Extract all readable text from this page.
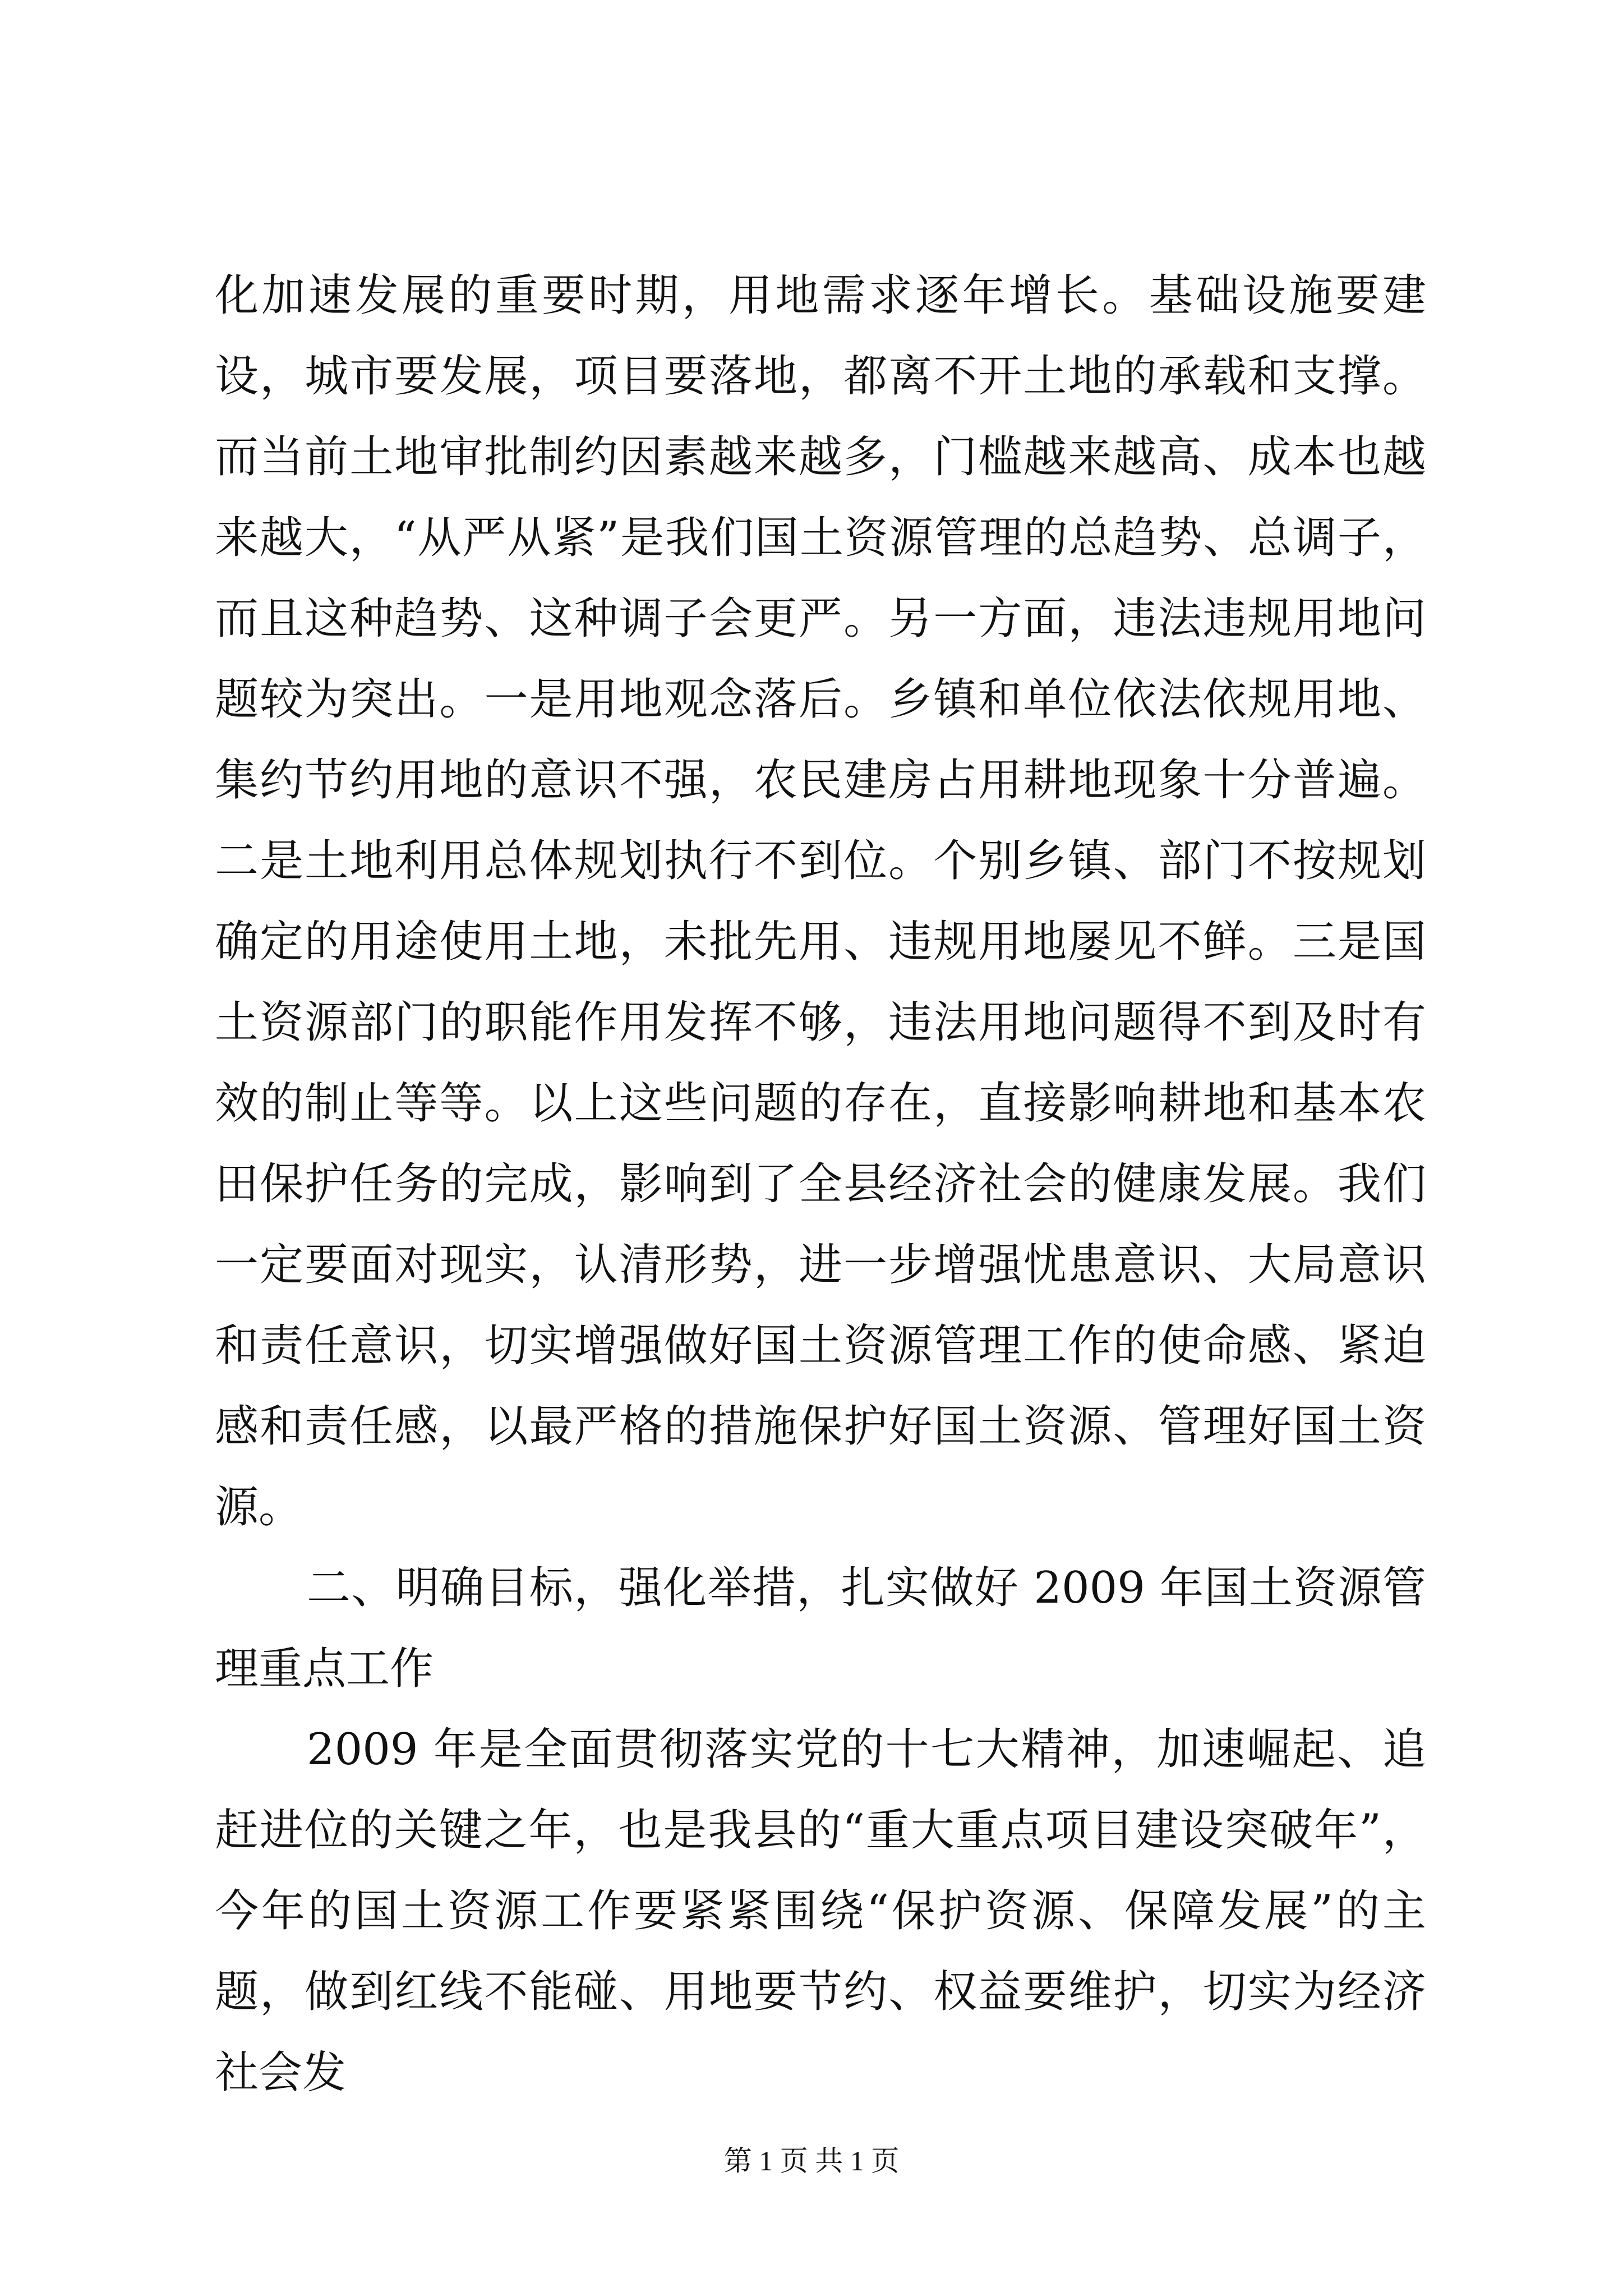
化加速发展的重要时期，用地需求逐年增长。基础设施要建设，城市要发展，项目要落地，都离不开土地的承载和支撑。而当前土地审批制约因素越来越多，门槛越来越高、成本也越来越大，“从严从紧”是我们国土资源管理的总趋势、总调子，而且这种趋势、这种调子会更严。另一方面，违法违规用地问题较为突出。一是用地观念落后。乡镇和单位依法依规用地、集约节约用地的意识不强，农民建房占用耕地现象十分普遍。二是土地利用总体规划执行不到位。个别乡镇、部门不按规划确定的用途使用土地，未批先用、违规用地屡见不鲜。三是国土资源部门的职能作用发挥不够，违法用地问题得不到及时有效的制止等等。以上这些问题的存在，直接影响耕地和基本农田保护任务的完成，影响到了全县经济社会的健康发展。我们一定要面对现实，认清形势，进一步增强忧患意识、大局意识和责任意识，切实增强做好国土资源管理工作的使命感、紧迫感和责任感，以最严格的措施保护好国土资源、管理好国土资源。

二、明确目标，强化举措，扎实做好 2009 年国土资源管理重点工作

2009 年是全面贯彻落实党的十七大精神，加速崛起、追赶进位的关键之年，也是我县的“重大重点项目建设突破年”，今年的国土资源工作要紧紧围绕“保护资源、保障发展”的主题，做到红线不能碰、用地要节约、权益要维护，切实为经济社会发

第 1 页 共 1 页
